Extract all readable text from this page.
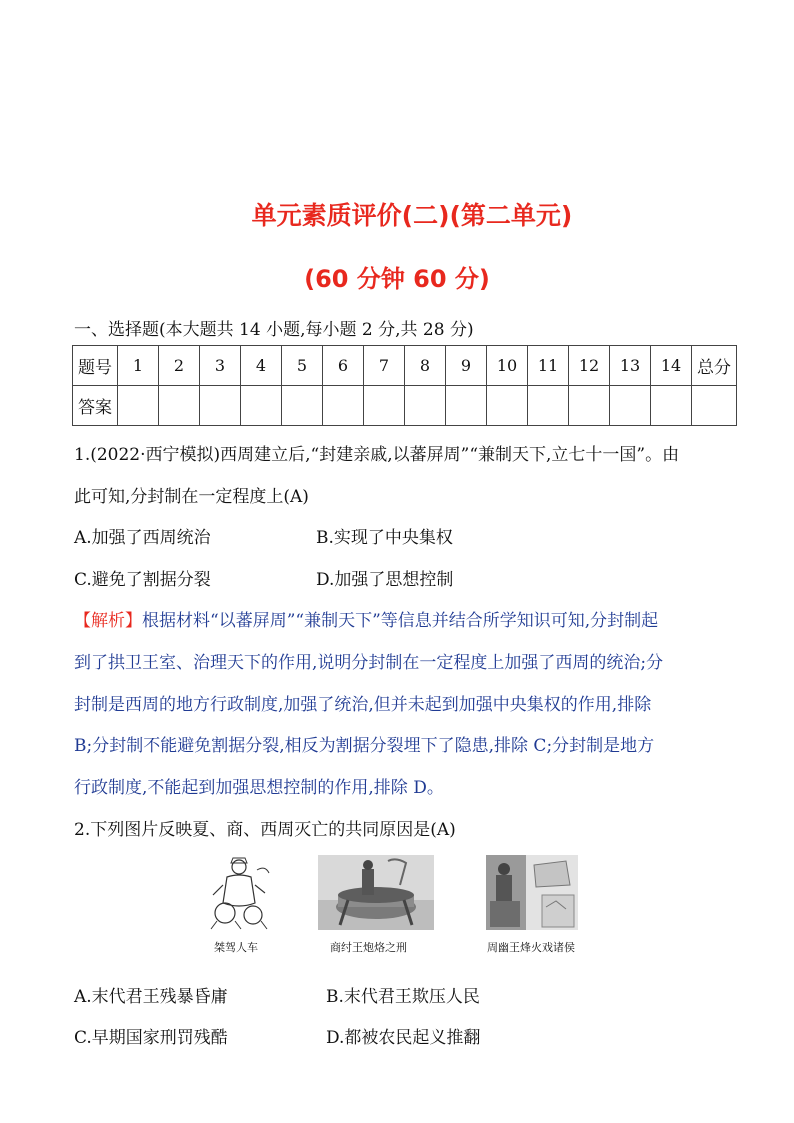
单元素质评价(二)(第二单元)
(60 分钟 60 分)
一、选择题(本大题共 14 小题,每小题 2 分,共 28 分)
题号	1	2	3	4	5	6	7	8	9	10	11	12	13	14	总分
答案															
1.(2022·西宁模拟)西周建立后,“封建亲戚,以蕃屏周”“兼制天下,立七十一国”。由
此可知,分封制在一定程度上(A)
A.加强了西周统治	B.实现了中央集权
C.避免了割据分裂	D.加强了思想控制
【解析】根据材料“以蕃屏周”“兼制天下”等信息并结合所学知识可知,分封制起
到了拱卫王室、治理天下的作用,说明分封制在一定程度上加强了西周的统治;分
封制是西周的地方行政制度,加强了统治,但并未起到加强中央集权的作用,排除
B;分封制不能避免割据分裂,相反为割据分裂埋下了隐患,排除 C;分封制是地方
行政制度,不能起到加强思想控制的作用,排除 D。
2.下列图片反映夏、商、西周灭亡的共同原因是(A)
桀驾人车	商纣王炮烙之刑	周幽王烽火戏诸侯
A.末代君王残暴昏庸	B.末代君王欺压人民
C.早期国家刑罚残酷	D.都被农民起义推翻
